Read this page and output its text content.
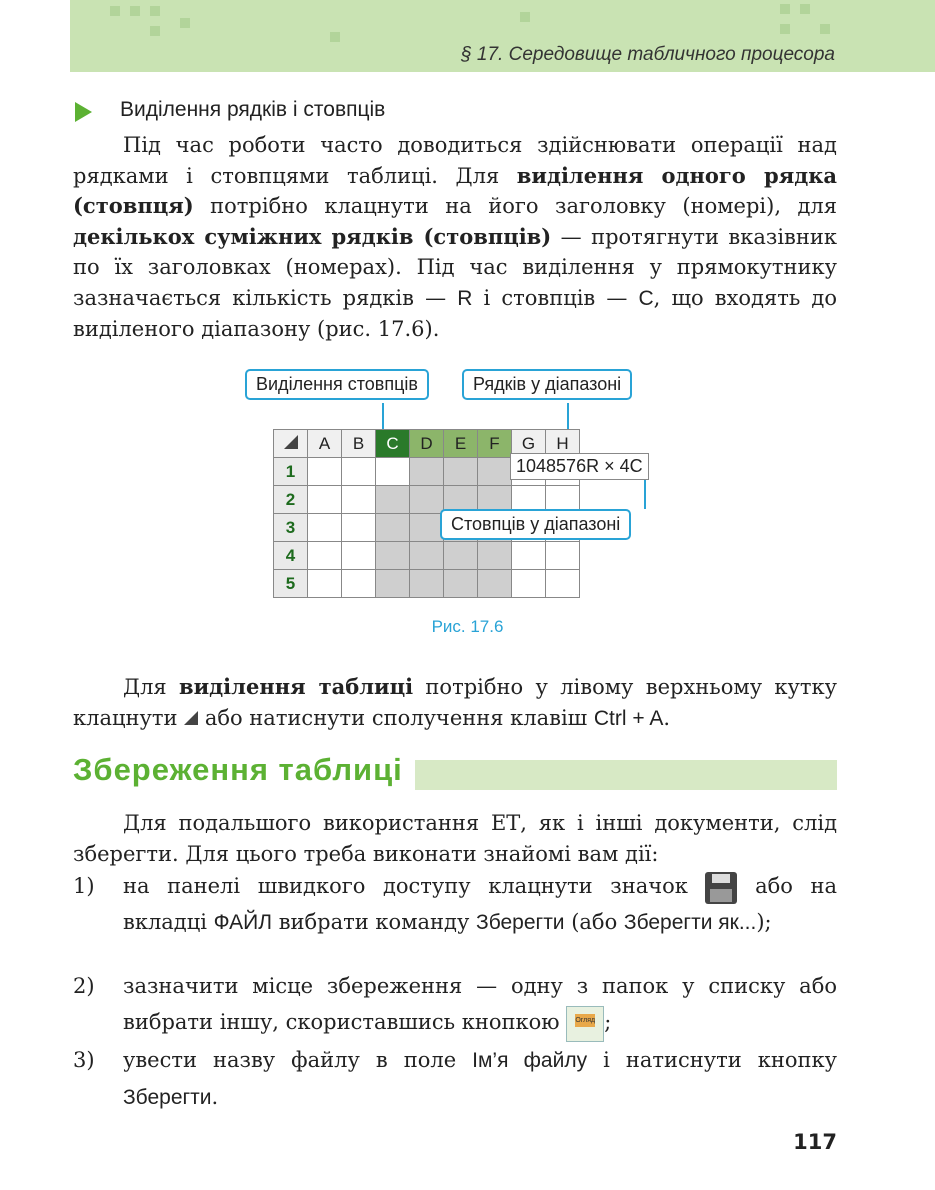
§ 17. Середовище табличного процесора
Виділення рядків і стовпців
Під час роботи часто доводиться здійснювати операції над рядками і стовпцями таблиці. Для виділення одного рядка (стовпця) потрібно клацнути на його заголовку (номері), для декількох суміжних рядків (стовпців) — протягнути вказівник по їх заголовках (номерах). Під час виділення у прямокутнику зазначається кількість рядків — R і стовпців — C, що входять до виділеного діапазону (рис. 17.6).
Виділення стовпців	Рядків у діапазоні
	A	B	C	D	E	F	G	H
1								
2								
3								
4								
5								
1048576R × 4C
Стовпців у діапазоні
Рис. 17.6
Для виділення таблиці потрібно у лівому верхньому кутку клацнути  або натиснути сполучення клавіш Ctrl + A.
Збереження таблиці
Для подальшого використання ЕТ, як і інші документи, слід зберегти. Для цього треба виконати знайомі вам дії:
1) на панелі швидкого доступу клацнути значок  або на вкладці ФАЙЛ вибрати команду Зберегти (або Зберегти як...);
2) зазначити місце збереження — одну з папок у списку або вибрати іншу, скориставшись кнопкою	Огляд ;
3) увести назву файлу в поле Ім’я файлу і натиснути кнопку Зберегти.
117
